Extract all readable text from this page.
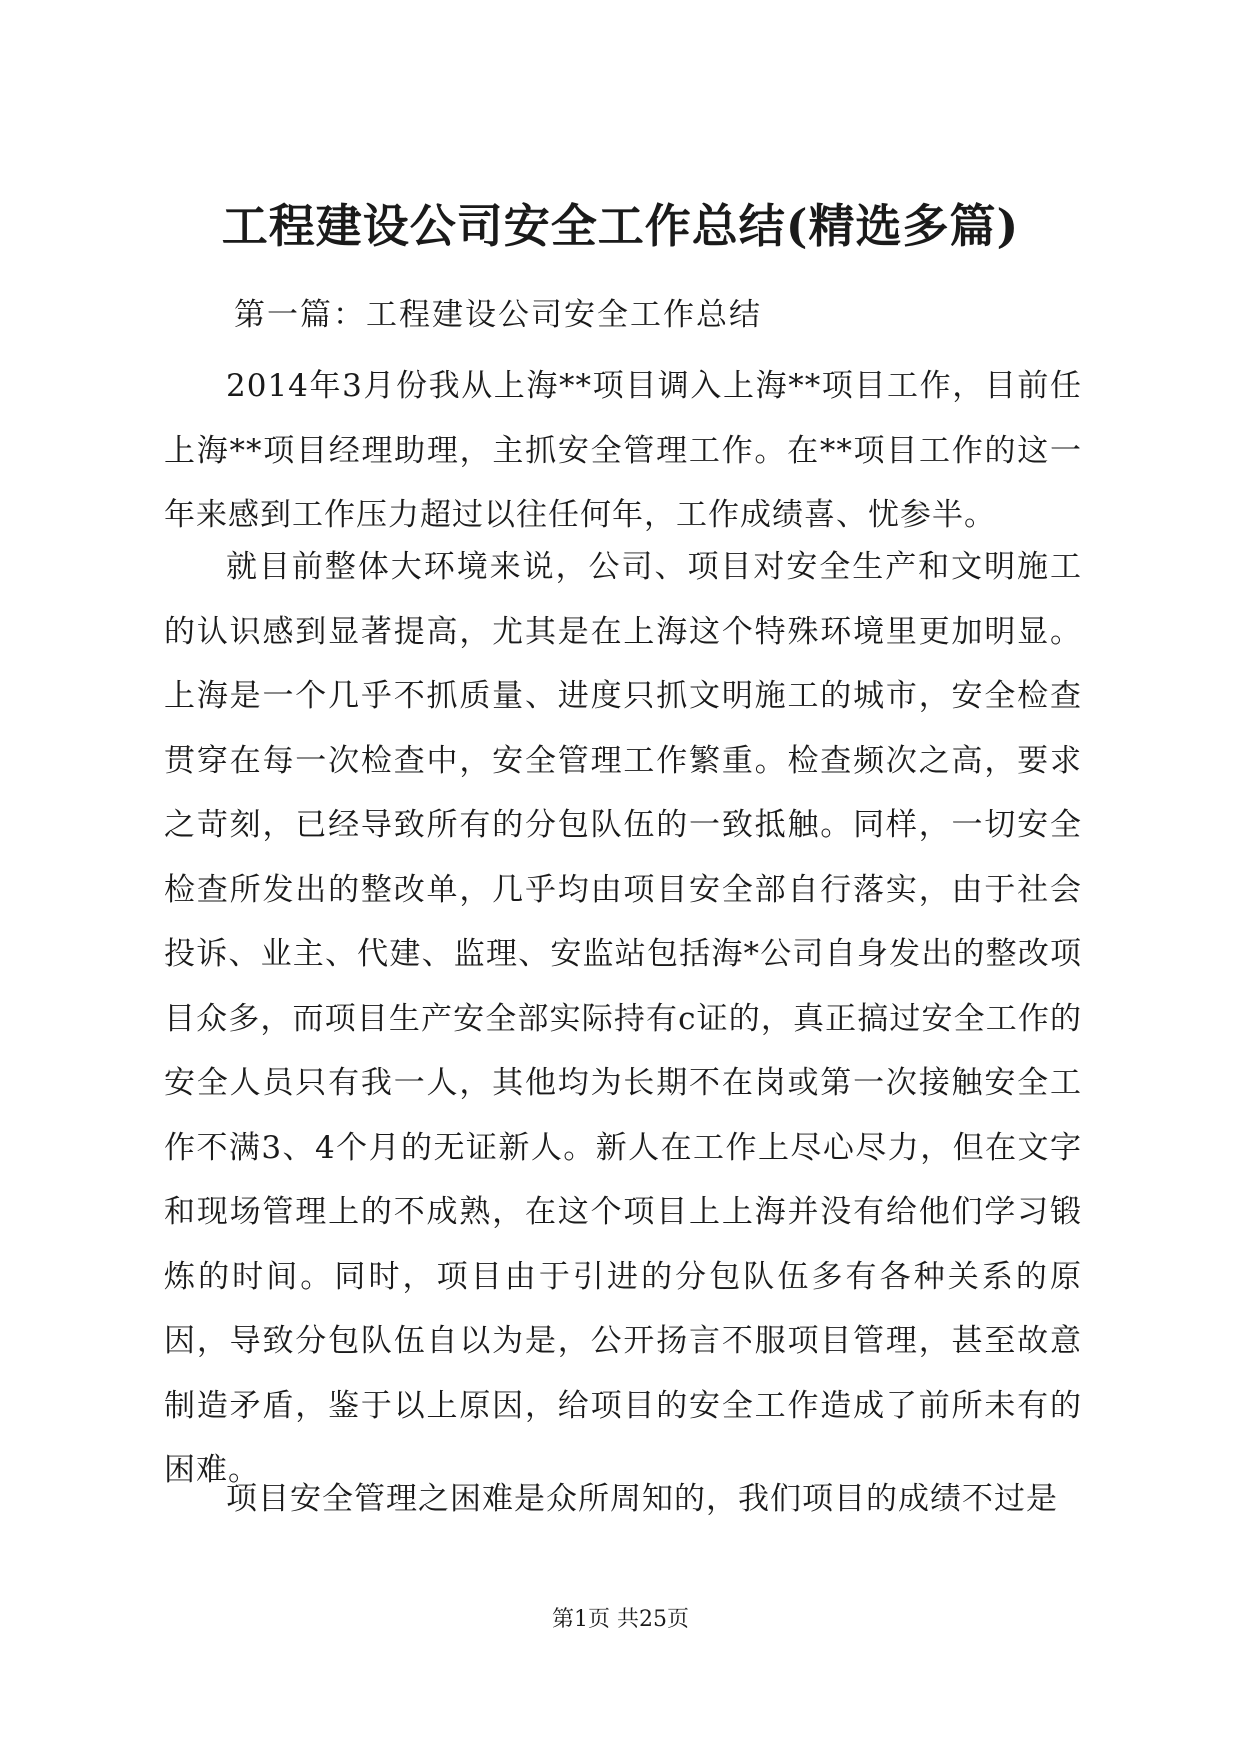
工程建设公司安全工作总结(精选多篇)
第一篇：工程建设公司安全工作总结

2014年3月份我从上海**项目调入上海**项目工作，目前任上海**项目经理助理，主抓安全管理工作。在**项目工作的这一年来感到工作压力超过以往任何年，工作成绩喜、忧参半。

就目前整体大环境来说，公司、项目对安全生产和文明施工的认识感到显著提高，尤其是在上海这个特殊环境里更加明显。上海是一个几乎不抓质量、进度只抓文明施工的城市，安全检查贯穿在每一次检查中，安全管理工作繁重。检查频次之高，要求之苛刻，已经导致所有的分包队伍的一致抵触。同样，一切安全检查所发出的整改单，几乎均由项目安全部自行落实，由于社会投诉、业主、代建、监理、安监站包括海*公司自身发出的整改项目众多，而项目生产安全部实际持有c证的，真正搞过安全工作的安全人员只有我一人，其他均为长期不在岗或第一次接触安全工作不满3、4个月的无证新人。新人在工作上尽心尽力，但在文字和现场管理上的不成熟，在这个项目上上海并没有给他们学习锻炼的时间。同时，项目由于引进的分包队伍多有各种关系的原因，导致分包队伍自以为是，公开扬言不服项目管理，甚至故意制造矛盾，鉴于以上原因，给项目的安全工作造成了前所未有的困难。

项目安全管理之困难是众所周知的，我们项目的成绩不过是

第1页 共25页
